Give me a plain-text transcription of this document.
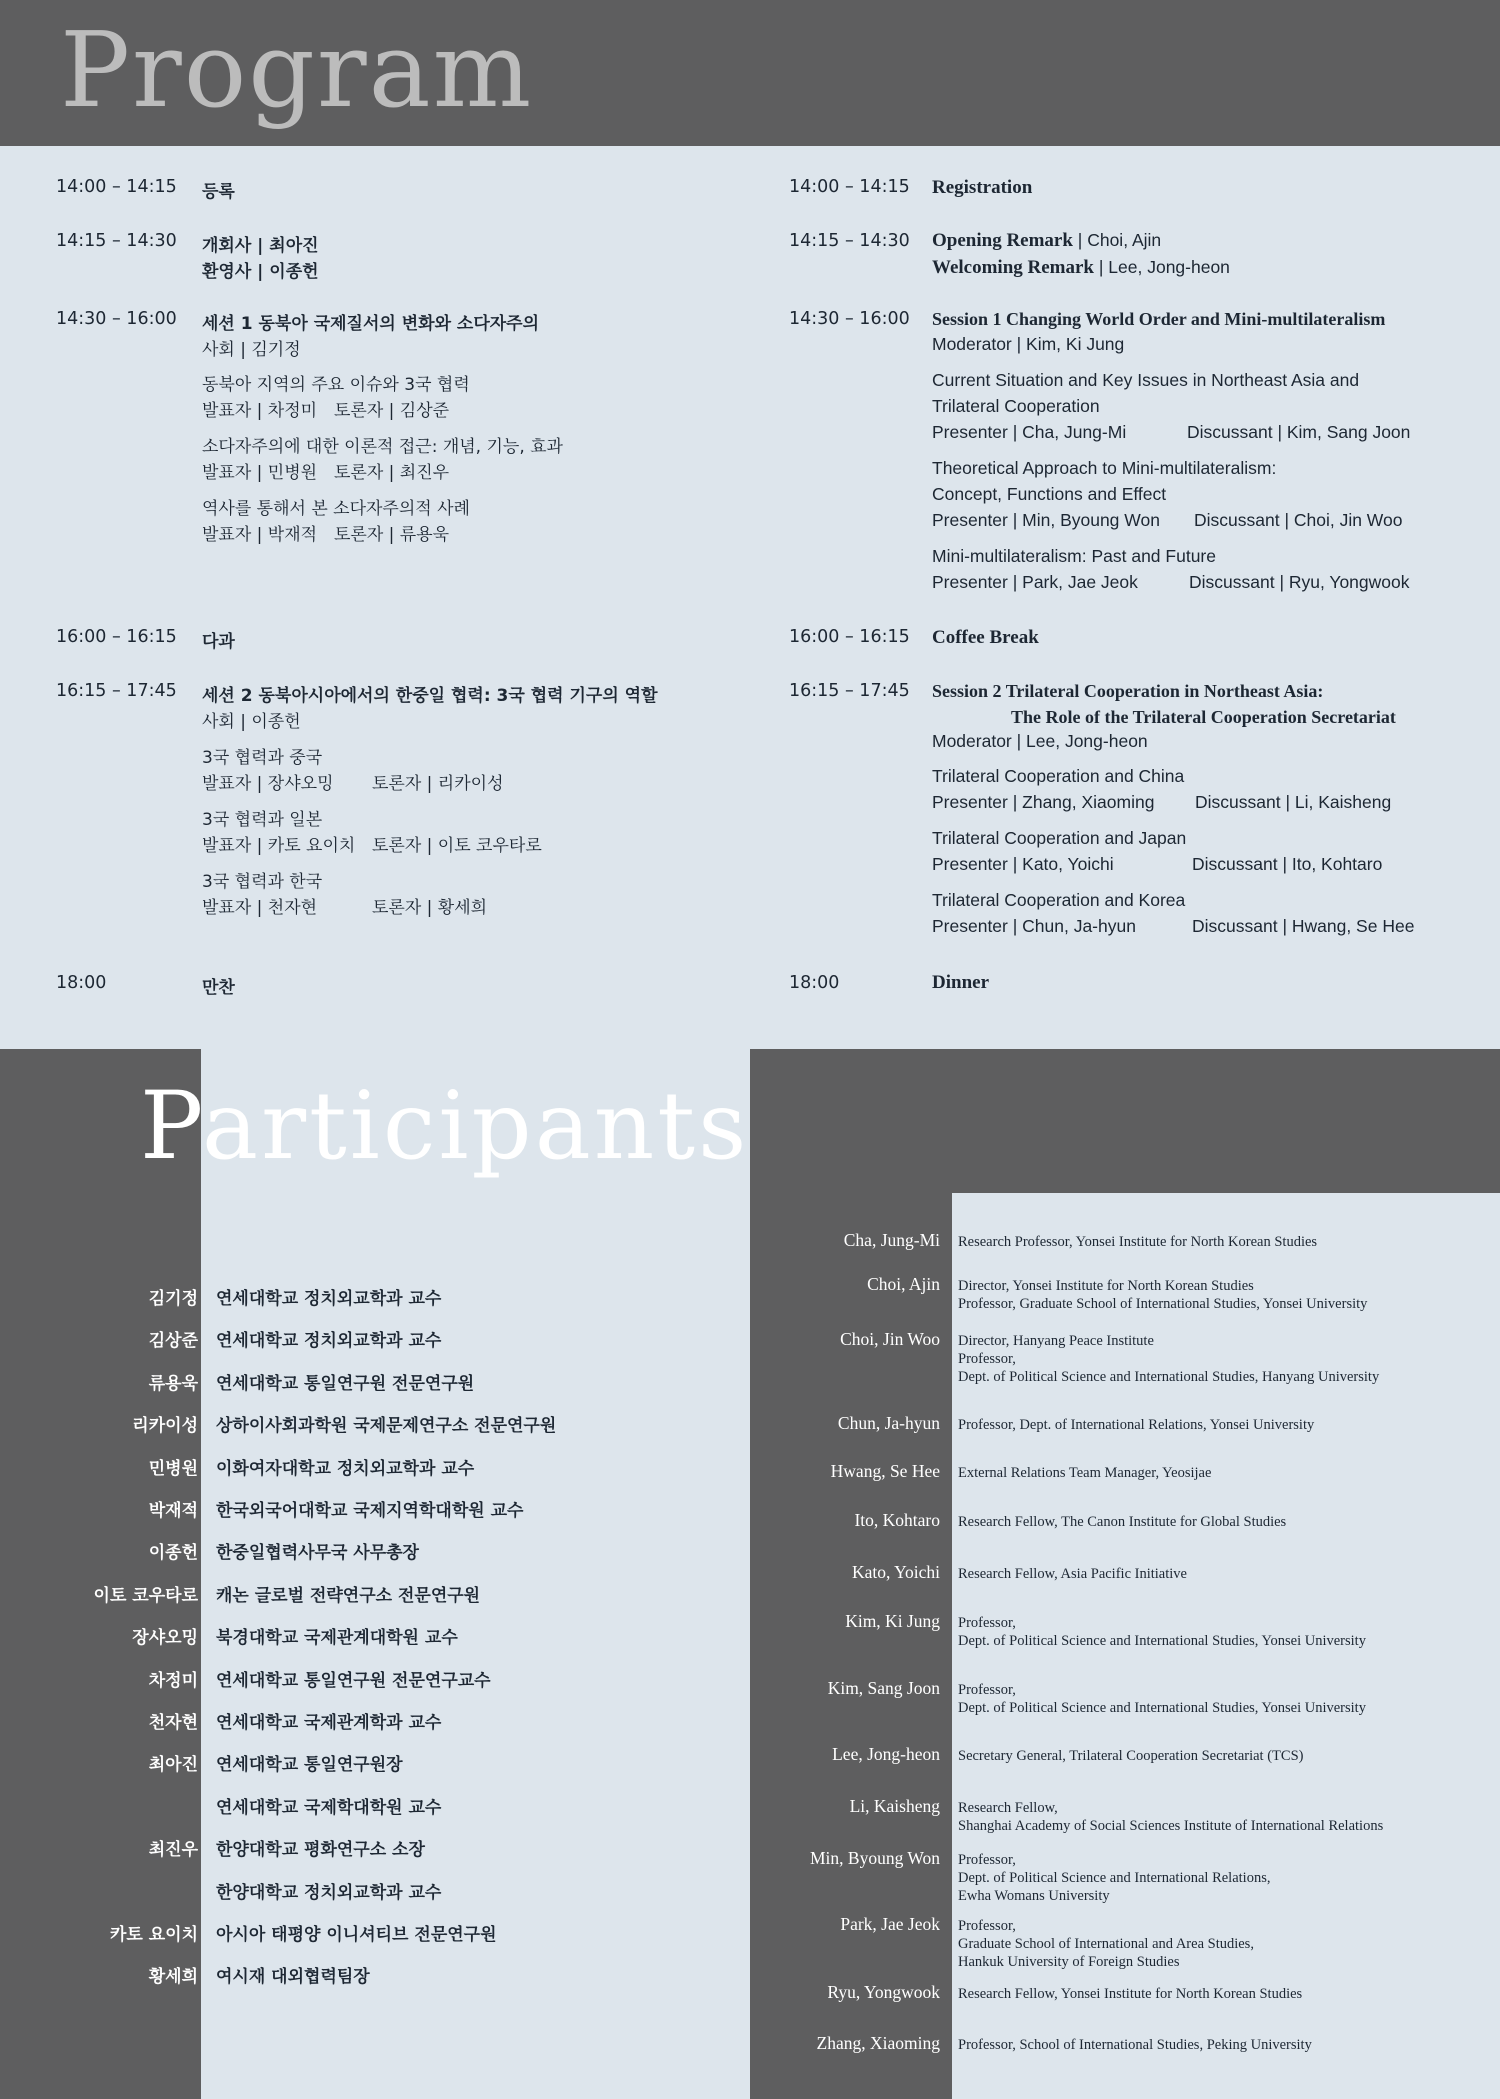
Program
14:00 – 14:15 등록
14:15 – 14:30 개회사 | 최아진
환영사 | 이종헌
14:30 – 16:00 세션 1 동북아 국제질서의 변화와 소다자주의
사회 | 김기정
동북아 지역의 주요 이슈와 3국 협력
발표자 | 차정미 토론자 | 김상준
소다자주의에 대한 이론적 접근: 개념, 기능, 효과
발표자 | 민병원 토론자 | 최진우
역사를 통해서 본 소다자주의적 사례
발표자 | 박재적 토론자 | 류용욱
16:00 – 16:15 다과
16:15 – 17:45 세션 2 동북아시아에서의 한중일 협력: 3국 협력 기구의 역할
사회 | 이종헌
3국 협력과 중국
발표자 | 장샤오밍 토론자 | 리카이성
3국 협력과 일본
발표자 | 카토 요이치 토론자 | 이토 코우타로
3국 협력과 한국
발표자 | 천자현	토론자 | 황세희
18:00	만찬
14:00 – 14:15 Registration
14:15 – 14:30 Opening Remark | Choi, Ajin
Welcoming Remark | Lee, Jong-heon
14:30 – 16:00 Session 1 Changing World Order and Mini-multilateralism
Moderator | Kim, Ki Jung
Current Situation and Key Issues in Northeast Asia and
Trilateral Cooperation
Presenter | Cha, Jung-Mi	Discussant | Kim, Sang Joon
Theoretical Approach to Mini-multilateralism:
Concept, Functions and Effect
Presenter | Min, Byoung Won Discussant | Choi, Jin Woo
Mini-multilateralism: Past and Future
Presenter | Park, Jae Jeok	Discussant | Ryu, Yongwook
16:00 – 16:15 Coffee Break
16:15 – 17:45 Session 2 Trilateral Cooperation in Northeast Asia:
The Role of the Trilateral Cooperation Secretariat
Moderator | Lee, Jong-heon
Trilateral Cooperation and China
Presenter | Zhang, Xiaoming Discussant | Li, Kaisheng
Trilateral Cooperation and Japan
Presenter | Kato, Yoichi	Discussant | Ito, Kohtaro
Trilateral Cooperation and Korea
Presenter | Chun, Ja-hyun	Discussant | Hwang, Se Hee
18:00	Dinner
Participants
김기정 연세대학교 정치외교학과 교수
김상준 연세대학교 정치외교학과 교수
류용욱 연세대학교 통일연구원 전문연구원
리카이성 상하이사회과학원 국제문제연구소 전문연구원
민병원 이화여자대학교 정치외교학과 교수
박재적 한국외국어대학교 국제지역학대학원 교수
이종헌 한중일협력사무국 사무총장
이토 코우타로 캐논 글로벌 전략연구소 전문연구원
장샤오밍 북경대학교 국제관계대학원 교수
차정미 연세대학교 통일연구원 전문연구교수
천자현 연세대학교 국제관계학과 교수
최아진 연세대학교 통일연구원장
연세대학교 국제학대학원 교수
최진우 한양대학교 평화연구소 소장
한양대학교 정치외교학과 교수
카토 요이치 아시아 태평양 이니셔티브 전문연구원
황세희 여시재 대외협력팀장
Cha, Jung-Mi Research Professor, Yonsei Institute for North Korean Studies
Choi, Ajin Director, Yonsei Institute for North Korean Studies
Professor, Graduate School of International Studies, Yonsei University
Choi, Jin Woo Director, Hanyang Peace Institute
Professor,
Dept. of Political Science and International Studies, Hanyang University
Chun, Ja-hyun Professor, Dept. of International Relations, Yonsei University
Hwang, Se Hee External Relations Team Manager, Yeosijae
Ito, Kohtaro Research Fellow, The Canon Institute for Global Studies
Kato, Yoichi Research Fellow, Asia Pacific Initiative
Kim, Ki Jung Professor,
Dept. of Political Science and International Studies, Yonsei University
Kim, Sang Joon Professor,
Dept. of Political Science and International Studies, Yonsei University
Lee, Jong-heon Secretary General, Trilateral Cooperation Secretariat (TCS)
Li, Kaisheng Research Fellow,
Shanghai Academy of Social Sciences Institute of International Relations
Min, Byoung Won Professor,
Dept. of Political Science and International Relations,
Ewha Womans University
Park, Jae Jeok Professor,
Graduate School of International and Area Studies,
Hankuk University of Foreign Studies
Ryu, Yongwook Research Fellow, Yonsei Institute for North Korean Studies
Zhang, Xiaoming Professor, School of International Studies, Peking University
